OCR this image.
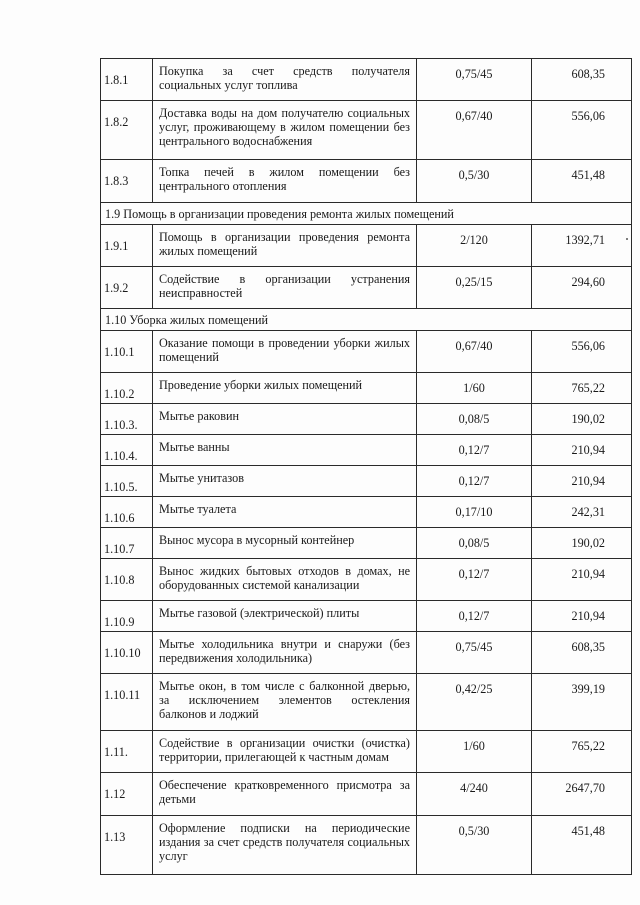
1.8.1	Покупка за счет средств получателя социальных услуг топлива	0,75/45	608,35
1.8.2	Доставка воды на дом получателю социальных услуг, проживающему в жилом помещении без центрального водоснабжения	0,67/40	556,06
1.8.3	Топка печей в жилом помещении без центрального отопления	0,5/30	451,48
1.9 Помощь в организации проведения ремонта жилых помещений			
1.9.1	Помощь в организации проведения ремонта жилых помещений	2/120	1392,71
1.9.2	Содействие в организации устранения неисправностей	0,25/15	294,60
1.10 Уборка жилых помещений			
1.10.1	Оказание помощи в проведении уборки жилых помещений	0,67/40	556,06
1.10.2	Проведение уборки жилых помещений	1/60	765,22
1.10.3.	Мытье раковин	0,08/5	190,02
1.10.4.	Мытье ванны	0,12/7	210,94
1.10.5.	Мытье унитазов	0,12/7	210,94
1.10.6	Мытье туалета	0,17/10	242,31
1.10.7	Вынос мусора в мусорный контейнер	0,08/5	190,02
1.10.8	Вынос жидких бытовых отходов в домах, не оборудованных системой канализации	0,12/7	210,94
1.10.9	Мытье газовой (электрической) плиты	0,12/7	210,94
1.10.10	Мытье холодильника внутри и снаружи (без передвижения холодильника)	0,75/45	608,35
1.10.11	Мытье окон, в том числе с балконной дверью, за исключением элементов остекления балконов и лоджий	0,42/25	399,19
1.11.	Содействие в организации очистки (очистка) территории, прилегающей к частным домам	1/60	765,22
1.12	Обеспечение кратковременного присмотра за детьми	4/240	2647,70
1.13	Оформление подписки на периодические издания за счет средств получателя социальных услуг	0,5/30	451,48
